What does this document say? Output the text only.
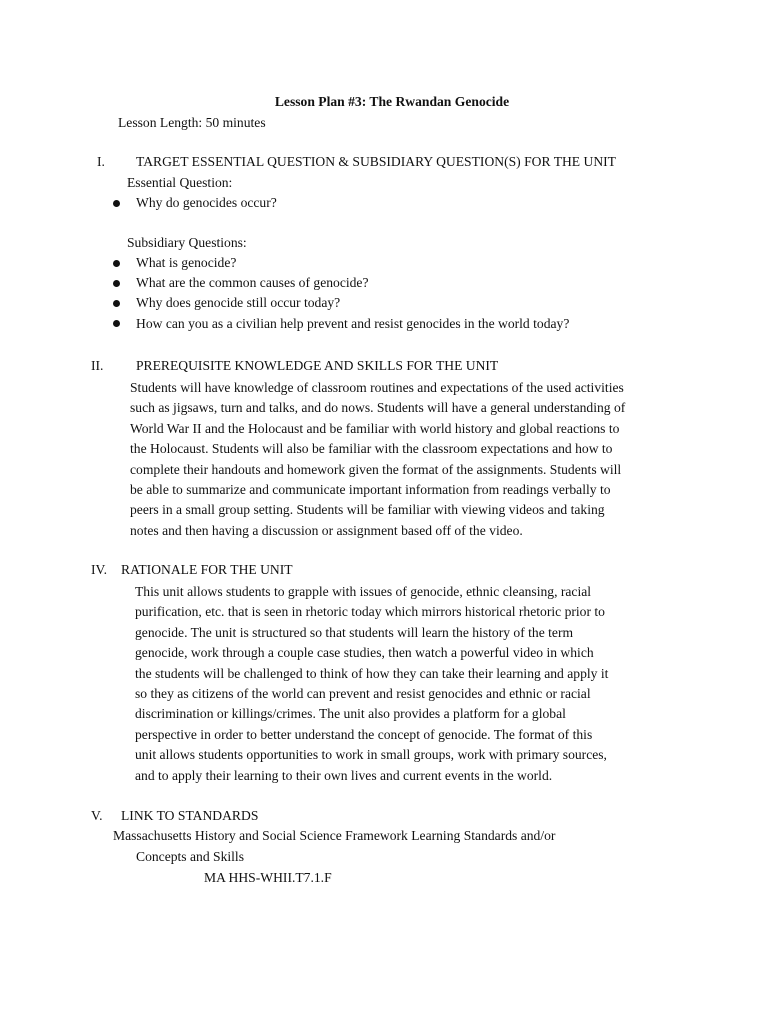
Lesson Plan #3: The Rwandan Genocide
Lesson Length: 50 minutes
I. TARGET ESSENTIAL QUESTION & SUBSIDIARY QUESTION(S) FOR THE UNIT
Essential Question:
Why do genocides occur?
Subsidiary Questions:
What is genocide?
What are the common causes of genocide?
Why does genocide still occur today?
How can you as a civilian help prevent and resist genocides in the world today?
II. PREREQUISITE KNOWLEDGE AND SKILLS FOR THE UNIT
Students will have knowledge of classroom routines and expectations of the used activities
such as jigsaws, turn and talks, and do nows. Students will have a general understanding of
World War II and the Holocaust and be familiar with world history and global reactions to
the Holocaust. Students will also be familiar with the classroom expectations and how to
complete their handouts and homework given the format of the assignments. Students will
be able to summarize and communicate important information from readings verbally to
peers in a small group setting. Students will be familiar with viewing videos and taking
notes and then having a discussion or assignment based off of the video.
IV. RATIONALE FOR THE UNIT
This unit allows students to grapple with issues of genocide, ethnic cleansing, racial
purification, etc. that is seen in rhetoric today which mirrors historical rhetoric prior to
genocide. The unit is structured so that students will learn the history of the term
genocide, work through a couple case studies, then watch a powerful video in which
the students will be challenged to think of how they can take their learning and apply it
so they as citizens of the world can prevent and resist genocides and ethnic or racial
discrimination or killings/crimes. The unit also provides a platform for a global
perspective in order to better understand the concept of genocide. The format of this
unit allows students opportunities to work in small groups, work with primary sources,
and to apply their learning to their own lives and current events in the world.
V. LINK TO STANDARDS
Massachusetts History and Social Science Framework Learning Standards and/or
Concepts and Skills
MA HHS-WHII.T7.1.F
